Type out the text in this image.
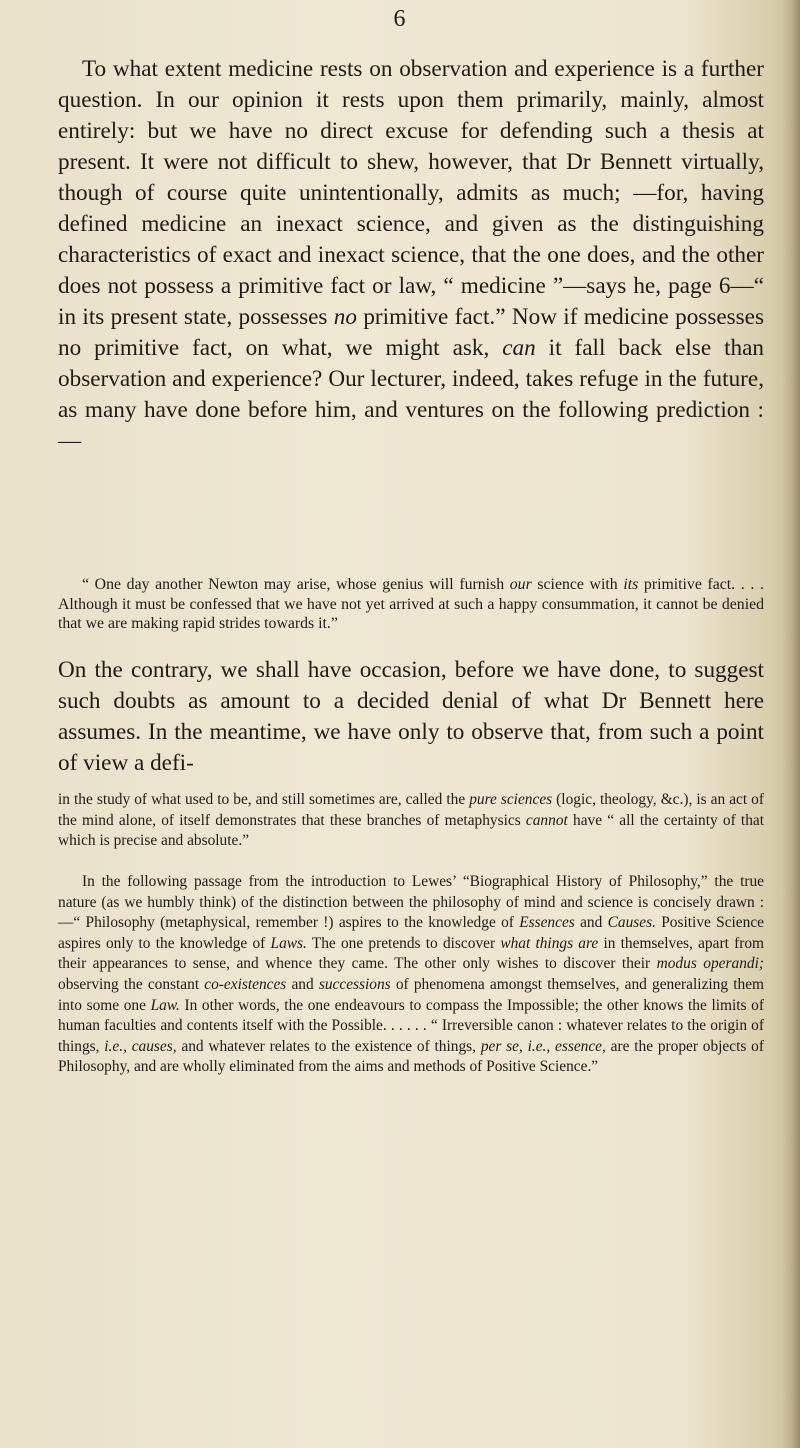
6

To what extent medicine rests on observation and experience is a further question. In our opinion it rests upon them primarily, mainly, almost entirely: but we have no direct excuse for defending such a thesis at present. It were not difficult to shew, however, that Dr Bennett virtually, though of course quite unintentionally, admits as much; —for, having defined medicine an inexact science, and given as the distinguishing characteristics of exact and inexact science, that the one does, and the other does not possess a primitive fact or law, “ medicine ”—says he, page 6—“ in its present state, possesses no primitive fact.” Now if medicine possesses no primitive fact, on what, we might ask, can it fall back else than observation and experience? Our lecturer, indeed, takes refuge in the future, as many have done before him, and ventures on the following prediction :—

“ One day another Newton may arise, whose genius will furnish our science with its primitive fact. . . . Although it must be confessed that we have not yet arrived at such a happy consummation, it cannot be denied that we are making rapid strides towards it.”

On the contrary, we shall have occasion, before we have done, to suggest such doubts as amount to a decided denial of what Dr Bennett here assumes. In the meantime, we have only to observe that, from such a point of view a defi-

in the study of what used to be, and still sometimes are, called the pure sciences (logic, theology, &c.), is an act of the mind alone, of itself demonstrates that these branches of metaphysics cannot have “ all the certainty of that which is precise and absolute.”

In the following passage from the introduction to Lewes’ “Biographical History of Philosophy,” the true nature (as we humbly think) of the distinction between the philosophy of mind and science is concisely drawn :—“ Philosophy (metaphysical, remember !) aspires to the knowledge of Essences and Causes. Positive Science aspires only to the knowledge of Laws. The one pretends to discover what things are in themselves, apart from their appearances to sense, and whence they came. The other only wishes to discover their modus operandi; observing the constant co-existences and successions of phenomena amongst themselves, and generalizing them into some one Law. In other words, the one endeavours to compass the Impossible; the other knows the limits of human faculties and contents itself with the Possible. . . . . . “ Irreversible canon : whatever relates to the origin of things, i.e., causes, and whatever relates to the existence of things, per se, i.e., essence, are the proper objects of Philosophy, and are wholly eliminated from the aims and methods of Positive Science.”
